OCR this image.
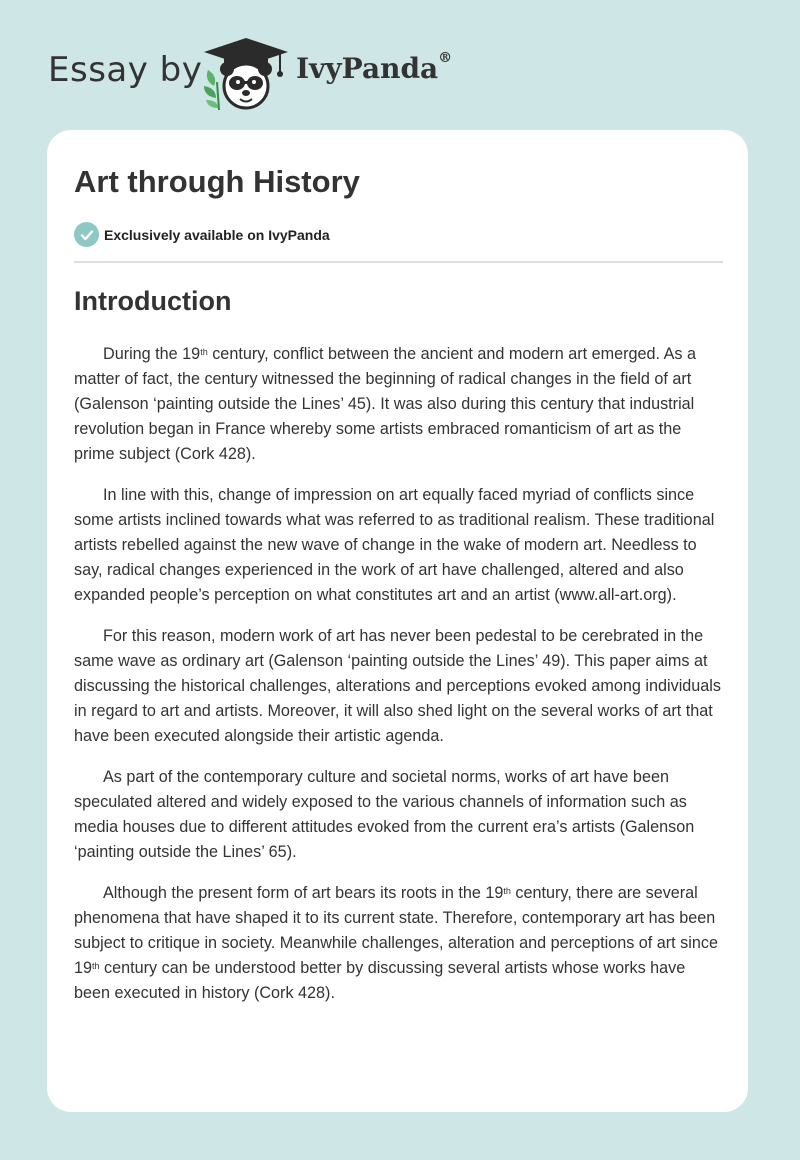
Essay by	IvyPanda®
Art through History
Exclusively available on IvyPanda
Introduction

During the 19th century, conflict between the ancient and modern art emerged. As a matter of fact, the century witnessed the beginning of radical changes in the field of art (Galenson ‘painting outside the Lines’ 45). It was also during this century that industrial revolution began in France whereby some artists embraced romanticism of art as the prime subject (Cork 428).

In line with this, change of impression on art equally faced myriad of conflicts since some artists inclined towards what was referred to as traditional realism. These traditional artists rebelled against the new wave of change in the wake of modern art. Needless to say, radical changes experienced in the work of art have challenged, altered and also expanded people’s perception on what constitutes art and an artist (www.all-art.org).

For this reason, modern work of art has never been pedestal to be cerebrated in the same wave as ordinary art (Galenson ‘painting outside the Lines’ 49). This paper aims at discussing the historical challenges, alterations and perceptions evoked among individuals in regard to art and artists. Moreover, it will also shed light on the several works of art that have been executed alongside their artistic agenda.

As part of the contemporary culture and societal norms, works of art have been speculated altered and widely exposed to the various channels of information such as media houses due to different attitudes evoked from the current era’s artists (Galenson ‘painting outside the Lines’ 65).

Although the present form of art bears its roots in the 19th century, there are several phenomena that have shaped it to its current state. Therefore, contemporary art has been subject to critique in society. Meanwhile challenges, alteration and perceptions of art since 19th century can be understood better by discussing several artists whose works have been executed in history (Cork 428).
